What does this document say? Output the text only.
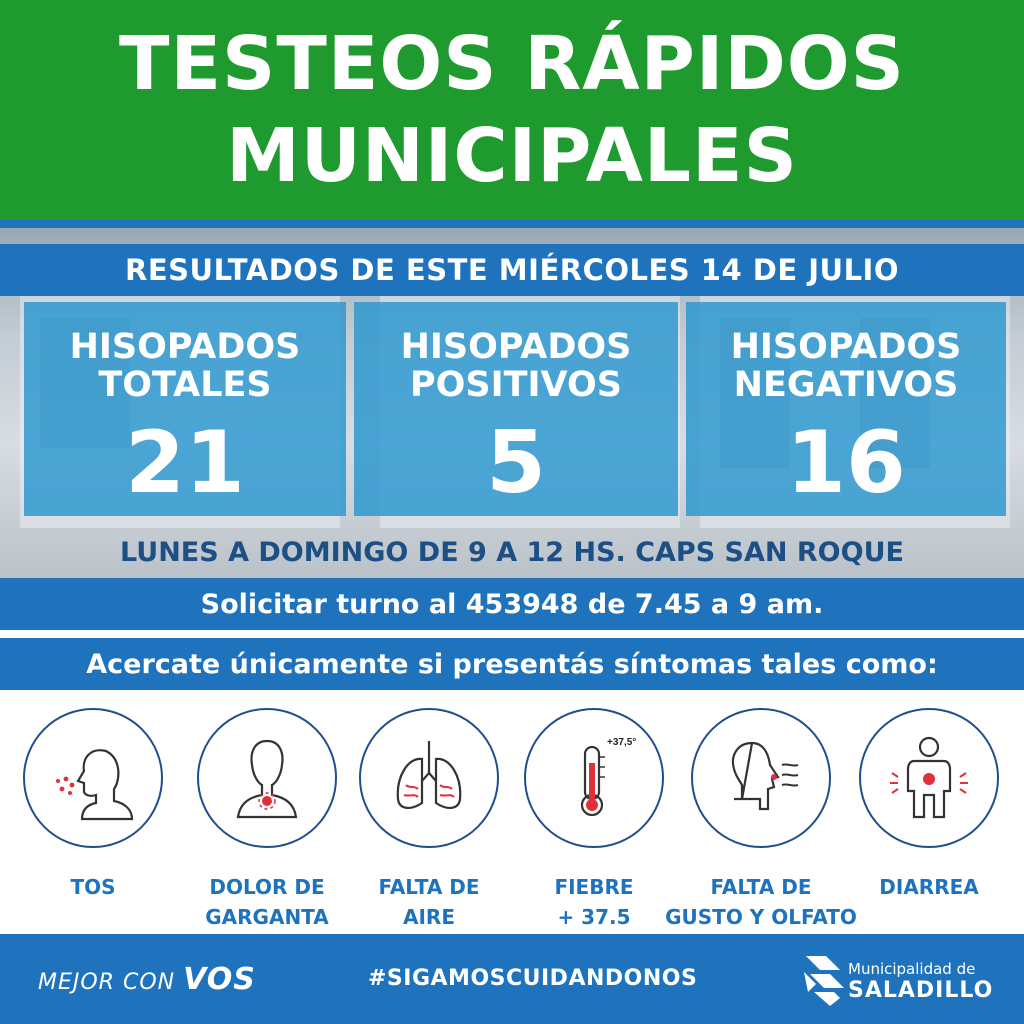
TESTEOS RÁPIDOS
MUNICIPALES
RESULTADOS DE ESTE MIÉRCOLES 14 DE JULIO
HISOPADOS
TOTALES
21
HISOPADOS
POSITIVOS
5
HISOPADOS
NEGATIVOS
16
LUNES A DOMINGO DE 9 A 12 HS. CAPS SAN ROQUE
Solicitar turno al 453948 de 7.45 a 9 am.
Acercate únicamente si presentás síntomas tales como:
TOS	DOLOR DE
GARGANTA
FALTA DE
AIRE
+37,5°
FIEBRE
+ 37.5
FALTA DE
GUSTO Y OLFATO
DIARREA
MEJOR CON VOS	#SIGAMOSCUIDANDONOS	Municipalidad de
SALADILLO
